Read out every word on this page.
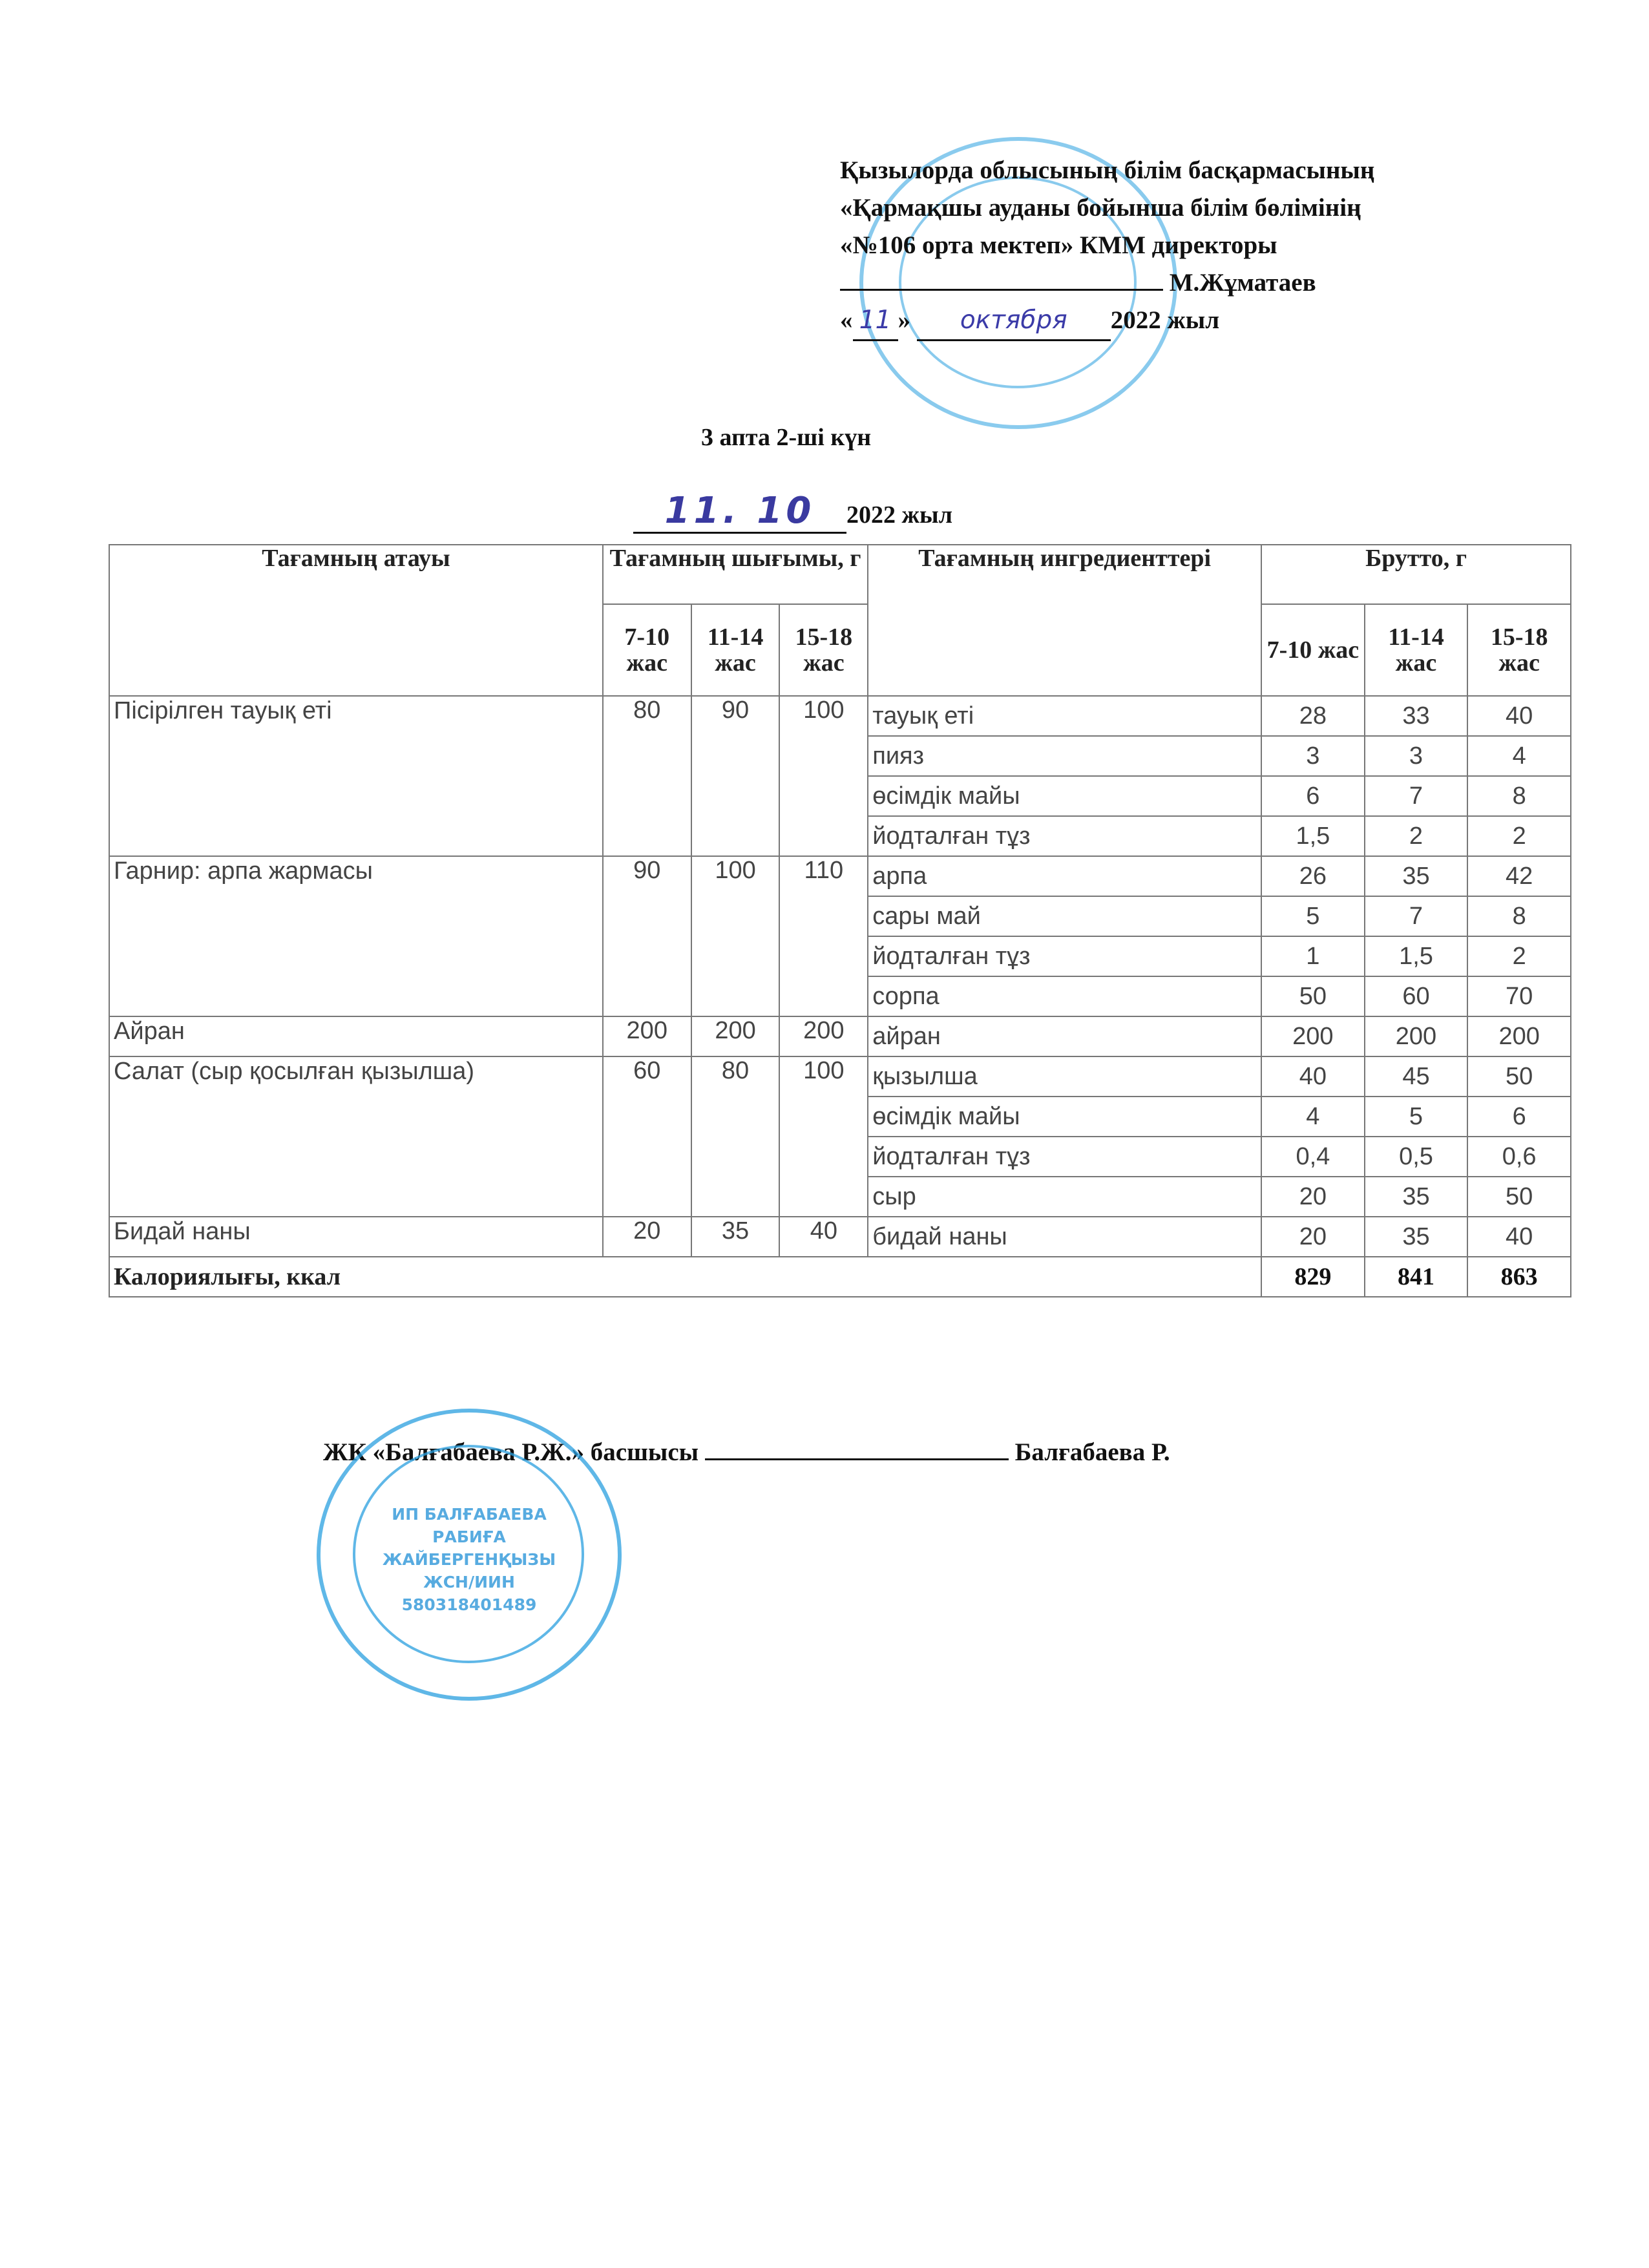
Қызылорда облысының білім басқармасының
«Қармақшы ауданы бойынша білім бөлімінің
«№106 орта мектеп» КММ директоры
М.Жұматаев
« 11 » октября 2022 жыл
3 апта 2-ші күн
11. 10 2022 жыл
Тағамның атауы	Тағамның шығымы, г			Тағамның ингредиенттері	Брутто, г		
	7-10 жас	11-14 жас	15-18 жас		7-10 жас	11-14 жас	15-18 жас
Пісірілген тауық еті	80	90	100	тауық еті	28	33	40
				пияз	3	3	4
				өсімдік майы	6	7	8
				йодталған тұз	1,5	2	2
Гарнир: арпа жармасы	90	100	110	арпа	26	35	42
				сары май	5	7	8
				йодталған тұз	1	1,5	2
				сорпа	50	60	70
Айран	200	200	200	айран	200	200	200
Салат (сыр қосылған қызылша)	60	80	100	қызылша	40	45	50
				өсімдік майы	4	5	6
				йодталған тұз	0,4	0,5	0,6
				сыр	20	35	50
Бидай наны	20	35	40	бидай наны	20	35	40
Калориялығы, ккал					829	841	863
ЖК «Балғабаева Р.Ж.» басшысы	Балғабаева Р.
ИП БАЛҒАБАЕВА
РАБИҒА
ЖАЙБЕРГЕНҚЫЗЫ
ЖСН/ИИН
580318401489
